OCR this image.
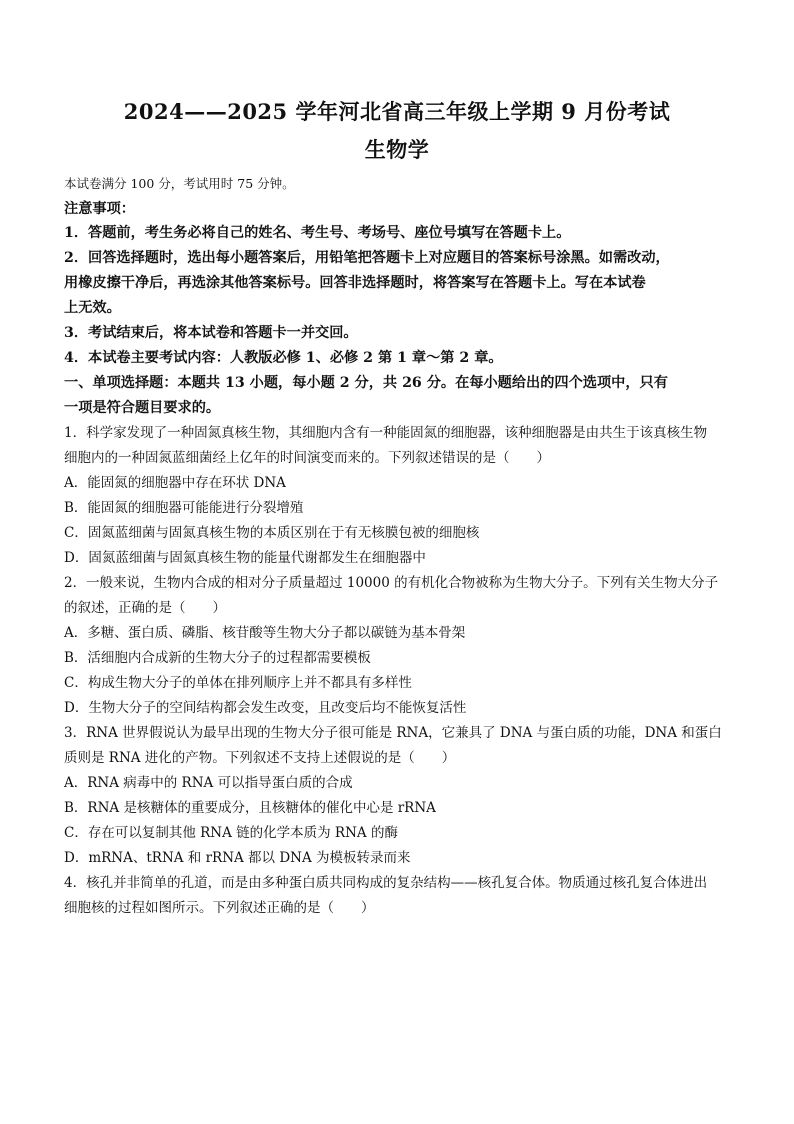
2024——2025 学年河北省高三年级上学期 9 月份考试
生物学
本试卷满分 100 分，考试用时 75 分钟。
注意事项：
1．答题前，考生务必将自己的姓名、考生号、考场号、座位号填写在答题卡上。
2．回答选择题时，选出每小题答案后，用铅笔把答题卡上对应题目的答案标号涂黑。如需改动，
用橡皮擦干净后，再选涂其他答案标号。回答非选择题时，将答案写在答题卡上。写在本试卷
上无效。
3．考试结束后，将本试卷和答题卡一并交回。
4．本试卷主要考试内容：人教版必修 1、必修 2 第 1 章～第 2 章。
一、单项选择题：本题共 13 小题，每小题 2 分，共 26 分。在每小题给出的四个选项中，只有
一项是符合题目要求的。
1．科学家发现了一种固氮真核生物，其细胞内含有一种能固氮的细胞器，该种细胞器是由共生于该真核生物
细胞内的一种固氮蓝细菌经上亿年的时间演变而来的。下列叙述错误的是（　　）
A．能固氮的细胞器中存在环状 DNA
B．能固氮的细胞器可能能进行分裂增殖
C．固氮蓝细菌与固氮真核生物的本质区别在于有无核膜包被的细胞核
D．固氮蓝细菌与固氮真核生物的能量代谢都发生在细胞器中
2．一般来说，生物内合成的相对分子质量超过 10000 的有机化合物被称为生物大分子。下列有关生物大分子
的叙述，正确的是（　　）
A．多糖、蛋白质、磷脂、核苷酸等生物大分子都以碳链为基本骨架
B．活细胞内合成新的生物大分子的过程都需要模板
C．构成生物大分子的单体在排列顺序上并不都具有多样性
D．生物大分子的空间结构都会发生改变，且改变后均不能恢复活性
3．RNA 世界假说认为最早出现的生物大分子很可能是 RNA，它兼具了 DNA 与蛋白质的功能，DNA 和蛋白
质则是 RNA 进化的产物。下列叙述不支持上述假说的是（　　）
A．RNA 病毒中的 RNA 可以指导蛋白质的合成
B．RNA 是核糖体的重要成分，且核糖体的催化中心是 rRNA
C．存在可以复制其他 RNA 链的化学本质为 RNA 的酶
D．mRNA、tRNA 和 rRNA 都以 DNA 为模板转录而来
4．核孔并非简单的孔道，而是由多种蛋白质共同构成的复杂结构——核孔复合体。物质通过核孔复合体进出
细胞核的过程如图所示。下列叙述正确的是（　　）
